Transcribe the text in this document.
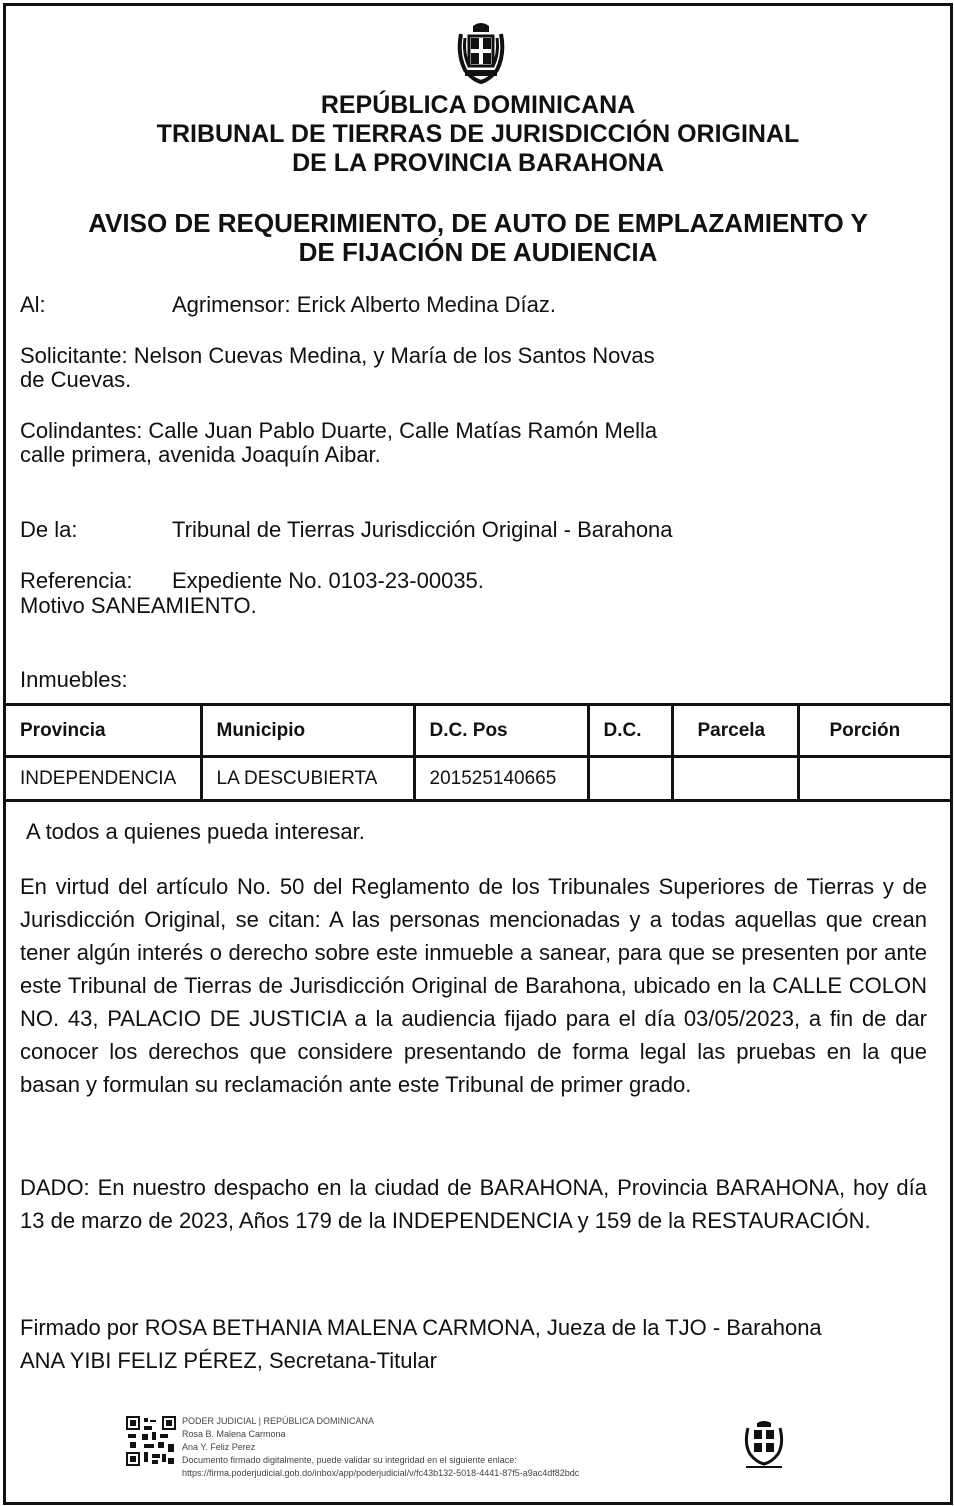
REPÚBLICA DOMINICANA
TRIBUNAL DE TIERRAS DE JURISDICCIÓN ORIGINAL
DE LA PROVINCIA BARAHONA
AVISO DE REQUERIMIENTO, DE AUTO DE EMPLAZAMIENTO Y
DE FIJACIÓN DE AUDIENCIA
Al:	Agrimensor: Erick Alberto Medina Díaz.
Solicitante: Nelson Cuevas Medina, y María de los Santos Novas
de Cuevas.
Colindantes: Calle Juan Pablo Duarte, Calle Matías Ramón Mella
calle primera, avenida Joaquín Aibar.
De la:	Tribunal de Tierras Jurisdicción Original - Barahona
Referencia: Expediente No. 0103-23-00035.
Motivo SANEAMIENTO.
Inmuebles:
Provincia	Municipio	D.C. Pos	D.C.	Parcela	Porción
INDEPENDENCIA	LA DESCUBIERTA	201525140665			
A todos a quienes pueda interesar.
En virtud del artículo No. 50 del Reglamento de los Tribunales Superiores de Tierras y de Jurisdicción Original, se citan: A las personas mencionadas y a todas aquellas que crean tener algún interés o derecho sobre este inmueble a sanear, para que se presenten por ante este Tribunal de Tierras de Jurisdicción Original de Barahona, ubicado en la CALLE COLON NO. 43, PALACIO DE JUSTICIA a la audiencia fijado para el día 03/05/2023, a fin de dar conocer los derechos que considere presentando de forma legal las pruebas en la que basan y formulan su reclamación ante este Tribunal de primer grado.
DADO: En nuestro despacho en la ciudad de BARAHONA, Provincia BARAHONA, hoy día 13 de marzo de 2023, Años 179 de la INDEPENDENCIA y 159 de la RESTAURACIÓN.
Firmado por ROSA BETHANIA MALENA CARMONA, Jueza de la TJO - Barahona
ANA YIBI FELIZ PÉREZ, Secretana-Titular
PODER JUDICIAL | REPÚBLICA DOMINICANA
Rosa B. Malena Carmona
Ana Y. Feliz Perez
Documento firmado digitalmente, puede validar su integridad en el siguiente enlace:
https://firma.poderjudicial.gob.do/inbox/app/poderjudicial/v/fc43b132-5018-4441-87f5-a9ac4df82bdc
